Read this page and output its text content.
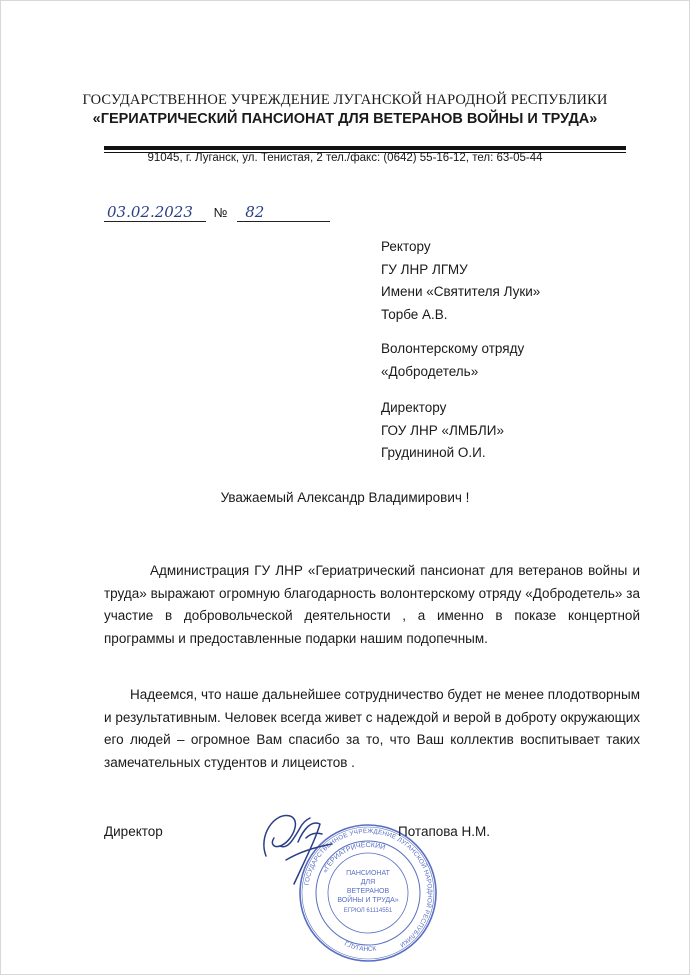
ГОСУДАРСТВЕННОЕ УЧРЕЖДЕНИЕ ЛУГАНСКОЙ НАРОДНОЙ РЕСПУБЛИКИ
«ГЕРИАТРИЧЕСКИЙ ПАНСИОНАТ ДЛЯ ВЕТЕРАНОВ ВОЙНЫ И ТРУДА»
91045, г. Луганск, ул. Тенистая, 2 тел./факс: (0642) 55-16-12, тел: 63-05-44
03.02.2023 № 82
Ректору
ГУ ЛНР ЛГМУ
Имени «Святителя Луки»
Торбе А.В.
Волонтерскому отряду
«Добродетель»
Директору
ГОУ ЛНР «ЛМБЛИ»
Грудининой О.И.
Уважаемый Александр Владимирович !

Администрация ГУ ЛНР «Гериатрический пансионат для ветеранов войны и труда» выражают огромную благодарность волонтерскому отряду «Добродетель» за участие в добровольческой деятельности , а именно в показе концертной программы и предоставленные подарки нашим подопечным.

Надеемся, что наше дальнейшее сотрудничество будет не менее плодотворным и результативным. Человек всегда живет с надеждой и верой в доброту окружающих его людей – огромное Вам спасибо за то, что Ваш коллектив воспитывает таких замечательных студентов и лицеистов .

Директор
ГОСУДАРСТВЕННОЕ УЧРЕЖДЕНИЕ ЛУГАНСКОЙ НАРОДНОЙ РЕСПУБЛИКИ
«ГЕРИАТРИЧЕСКИЙ
Г.ЛУГАНСК
ПАНСИОНАТ
ДЛЯ
ВЕТЕРАНОВ
ВОЙНЫ И ТРУДА»
ЕГРЮЛ 61114551
Потапова Н.М.
